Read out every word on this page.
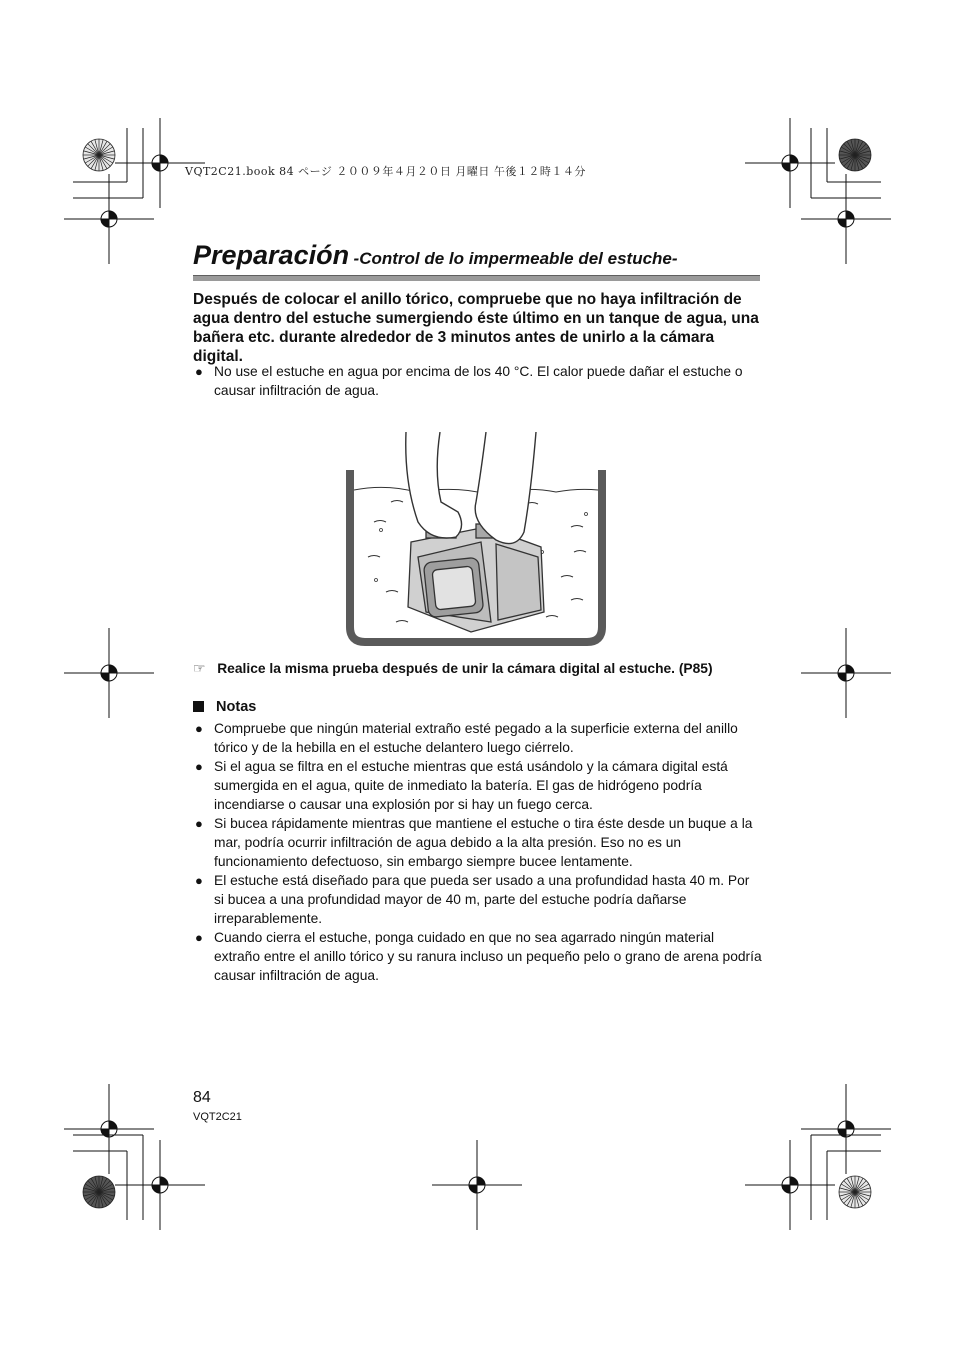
VQT2C21.book 84 ページ ２００９年４月２０日 月曜日 午後１２時１４分
Preparación -Control de lo impermeable del estuche-
Después de colocar el anillo tórico, compruebe que no haya infiltración de agua dentro del estuche sumergiendo éste último en un tanque de agua, una bañera etc. durante alrededor de 3 minutos antes de unirlo a la cámara digital.
● No use el estuche en agua por encima de los 40 °C. El calor puede dañar el estuche o causar infiltración de agua.
☞ Realice la misma prueba después de unir la cámara digital al estuche. (P85)
Notas
● Compruebe que ningún material extraño esté pegado a la superficie externa del anillo tórico y de la hebilla en el estuche delantero luego ciérrelo.
● Si el agua se filtra en el estuche mientras que está usándolo y la cámara digital está sumergida en el agua, quite de inmediato la batería. El gas de hidrógeno podría incendiarse o causar una explosión por si hay un fuego cerca.
● Si bucea rápidamente mientras que mantiene el estuche o tira éste desde un buque a la mar, podría ocurrir infiltración de agua debido a la alta presión. Eso no es un funcionamiento defectuoso, sin embargo siempre bucee lentamente.
● El estuche está diseñado para que pueda ser usado a una profundidad hasta 40 m. Por si bucea a una profundidad mayor de 40 m, parte del estuche podría dañarse irreparablemente.
● Cuando cierra el estuche, ponga cuidado en que no sea agarrado ningún material extraño entre el anillo tórico y su ranura incluso un pequeño pelo o grano de arena podría causar infiltración de agua.
84
VQT2C21
